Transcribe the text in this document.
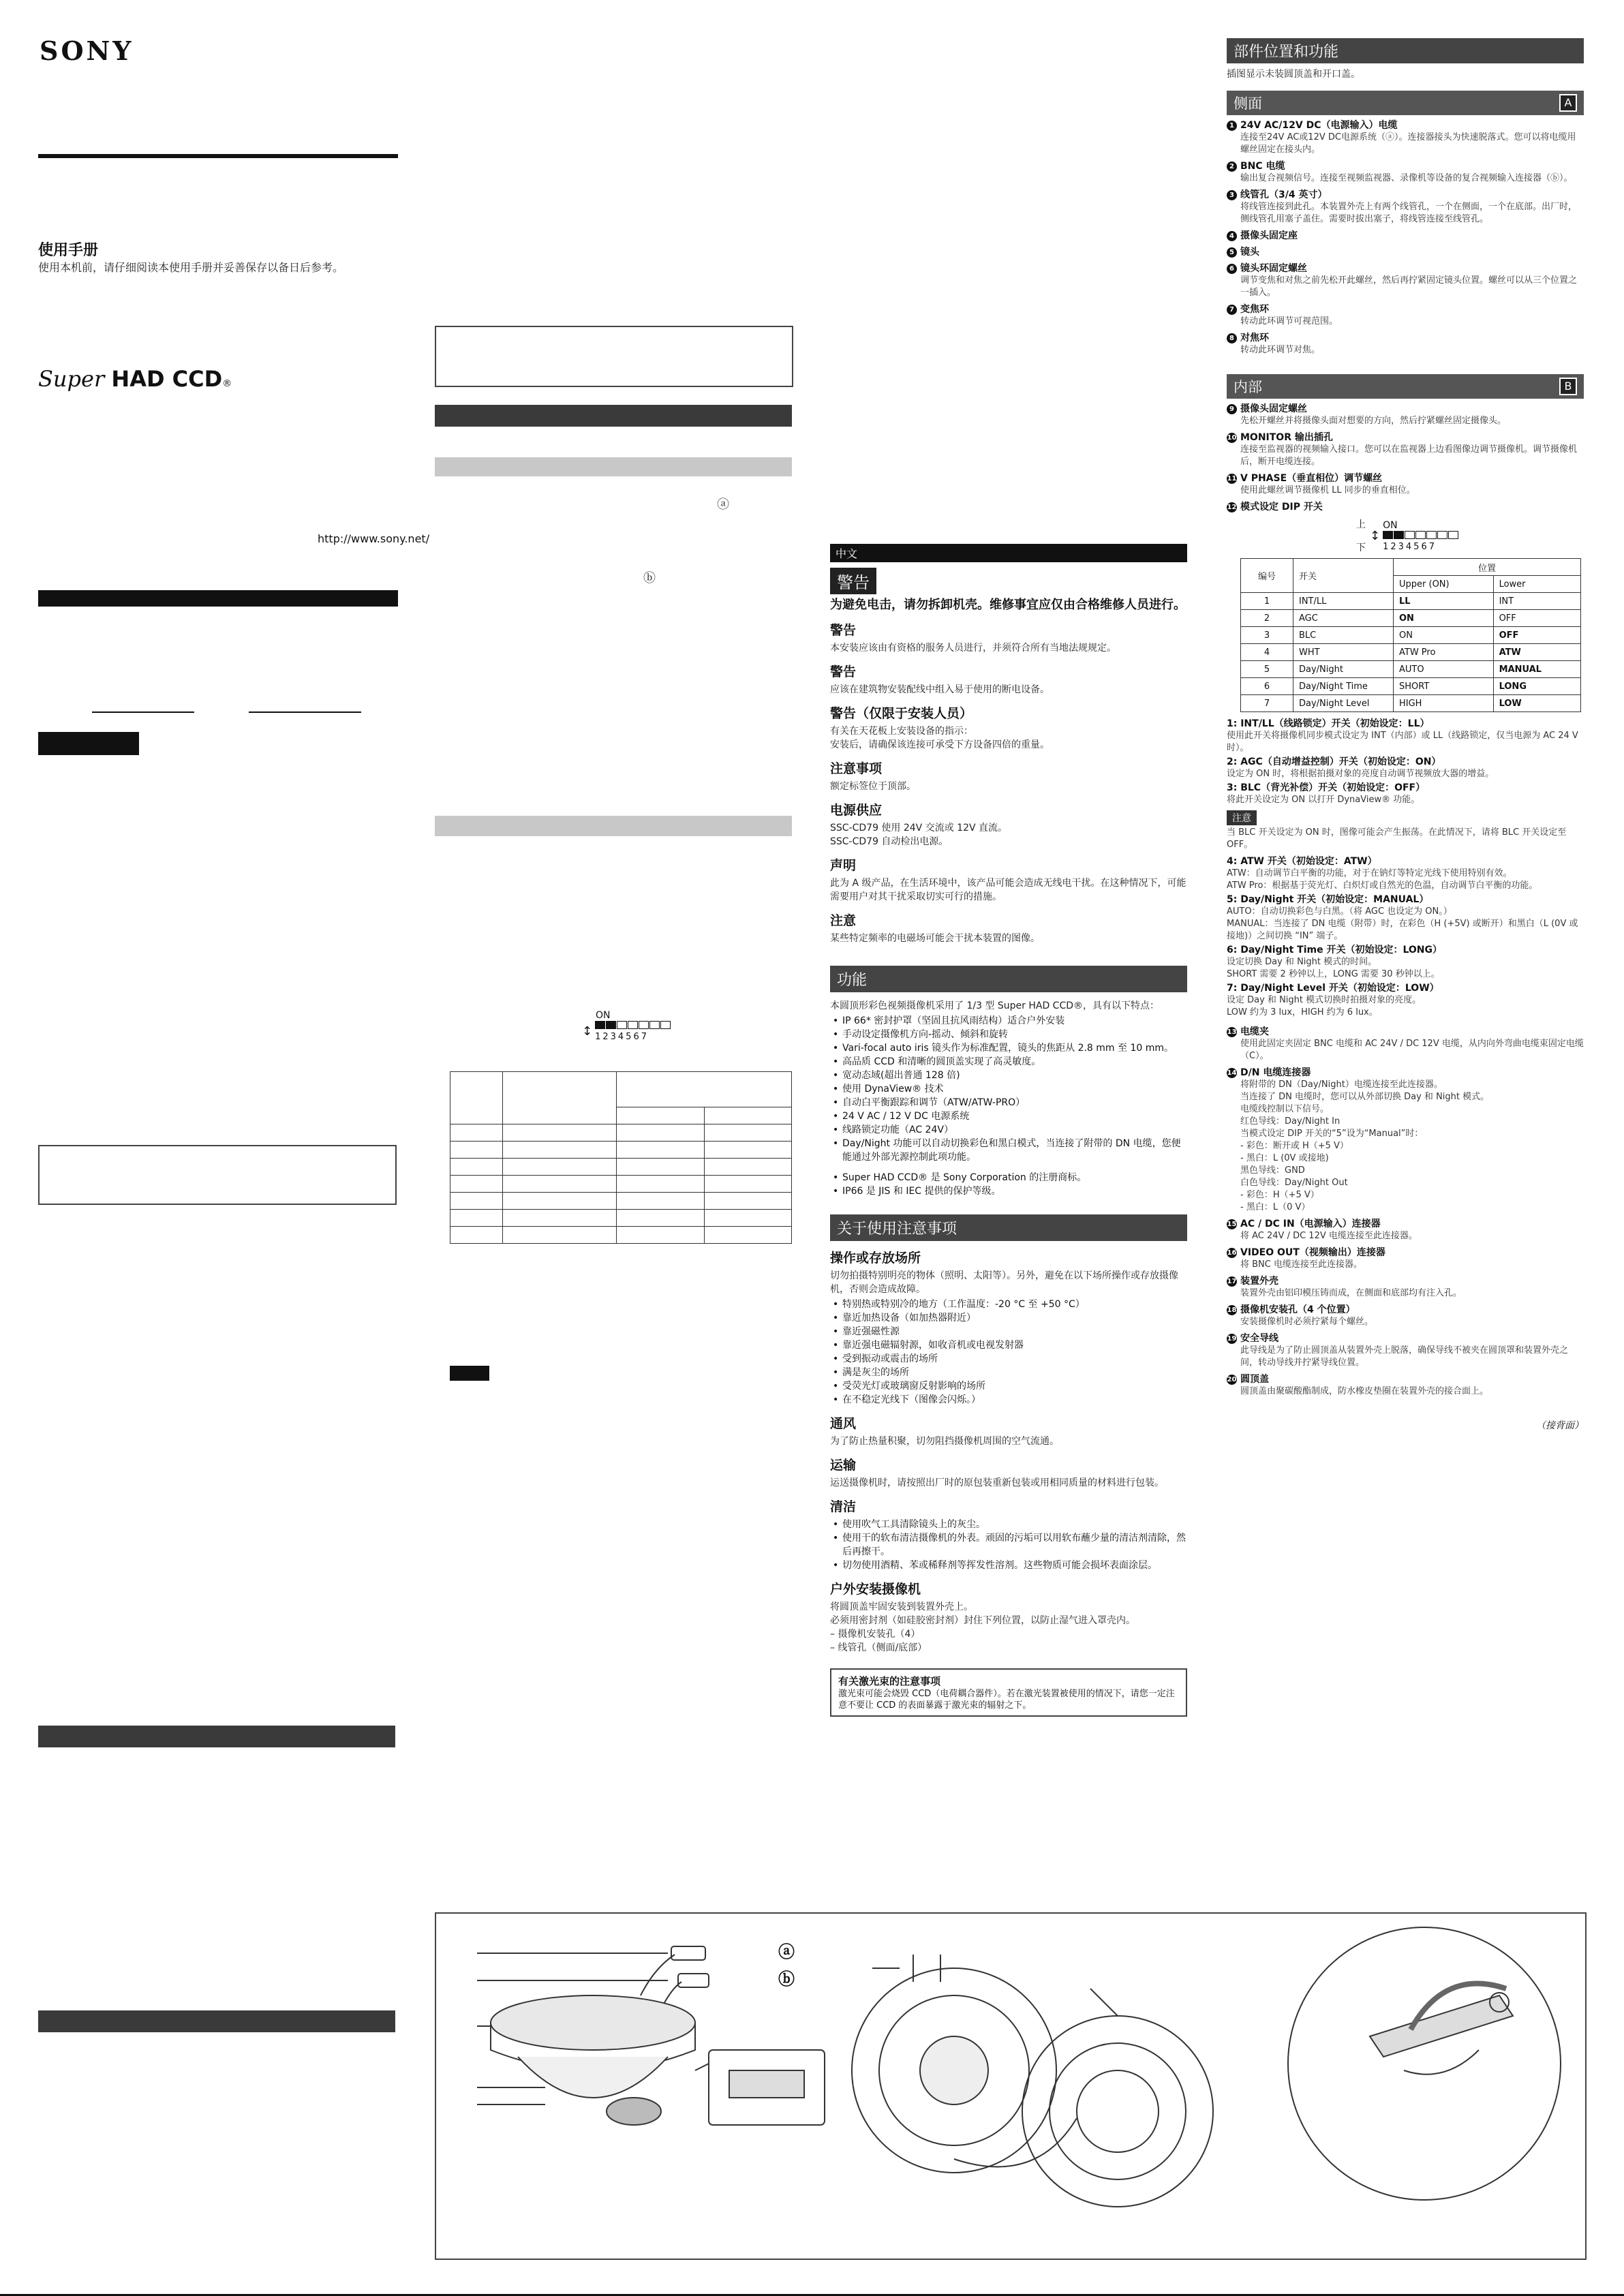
SONY
使用手册
使用本机前，请仔细阅读本使用手册并妥善保存以备日后参考。
Super HAD CCD®
http://www.sony.net/
ⓐ
ⓑ
ON
↕ 1234567

中文
警告
为避免电击，请勿拆卸机壳。维修事宜应仅由合格维修人员进行。
警告
本安装应该由有资格的服务人员进行，并须符合所有当地法规规定。
警告
应该在建筑物安装配线中组入易于使用的断电设备。
警告（仅限于安装人员）
有关在天花板上安装设备的指示：
安装后，请确保该连接可承受下方设备四倍的重量。
注意事项
额定标签位于顶部。
电源供应
SSC-CD79 使用 24V 交流或 12V 直流。
SSC-CD79 自动检出电源。
声明
此为 A 级产品，在生活环境中，该产品可能会造成无线电干扰。在这种情况下，可能需要用户对其干扰采取切实可行的措施。
注意
某些特定频率的电磁场可能会干扰本装置的图像。
功能
本圆顶形彩色视频摄像机采用了 1/3 型 Super HAD CCD®，具有以下特点：
• IP 66* 密封护罩（坚固且抗风雨结构）适合户外安装
• 手动设定摄像机方向-摇动、倾斜和旋转
• Vari-focal auto iris 镜头作为标准配置，镜头的焦距从 2.8 mm 至 10 mm。
• 高品质 CCD 和清晰的圆顶盖实现了高灵敏度。
• 宽动态域(超出普通 128 倍)
• 使用 DynaView® 技术
• 自动白平衡跟踪和调节（ATW/ATW-PRO）
• 24 V AC / 12 V DC 电源系统
• 线路锁定功能（AC 24V）
• Day/Night 功能可以自动切换彩色和黑白模式，当连接了附带的 DN 电缆，您便能通过外部光源控制此项功能。
• Super HAD CCD® 是 Sony Corporation 的注册商标。
• IP66 是 JIS 和 IEC 提供的保护等级。
关于使用注意事项
操作或存放场所
切勿拍摄特别明亮的物体（照明、太阳等）。另外，避免在以下场所操作或存放摄像机，否则会造成故障。
• 特别热或特别冷的地方（工作温度：-20 °C 至 +50 °C）
• 靠近加热设备（如加热器附近）
• 靠近强磁性源
• 靠近强电磁辐射源，如收音机或电视发射器
• 受到振动或震击的场所
• 满是灰尘的场所
• 受荧光灯或玻璃窗反射影响的场所
• 在不稳定光线下（图像会闪烁。）
通风
为了防止热量积聚，切勿阻挡摄像机周围的空气流通。
运输
运送摄像机时，请按照出厂时的原包装重新包装或用相同质量的材料进行包装。
清洁
• 使用吹气工具清除镜头上的灰尘。
• 使用干的软布清洁摄像机的外表。顽固的污垢可以用软布蘸少量的清洁剂清除，然后再擦干。
• 切勿使用酒精、苯或稀释剂等挥发性溶剂。这些物质可能会损坏表面涂层。
户外安装摄像机
将圆顶盖牢固安装到装置外壳上。
必须用密封剂（如硅胶密封剂）封住下列位置，以防止湿气进入罩壳内。
– 摄像机安装孔（4）
– 线管孔（侧面/底部）
有关激光束的注意事项
激光束可能会烧毁 CCD（电荷耦合器件）。若在激光装置被使用的情况下，请您一定注意不要让 CCD 的表面暴露于激光束的辐射之下。
部件位置和功能
插图显示未装圆顶盖和开口盖。
侧面	A
1 24V AC/12V DC（电源输入）电缆
连接至24V AC或12V DC电源系统（ⓐ）。连接器接头为快速脱落式。您可以将电缆用螺丝固定在接头内。
2 BNC 电缆
输出复合视频信号。连接至视频监视器、录像机等设备的复合视频输入连接器（ⓑ）。
3 线管孔（3/4 英寸）
将线管连接到此孔。本装置外壳上有两个线管孔，一个在侧面，一个在底部。出厂时，侧线管孔用塞子盖住。需要时拔出塞子，将线管连接至线管孔。
4 摄像头固定座
5 镜头
6 镜头环固定螺丝
调节变焦和对焦之前先松开此螺丝，然后再拧紧固定镜头位置。螺丝可以从三个位置之一插入。
7 变焦环
转动此环调节可视范围。
8 对焦环
转动此环调节对焦。
内部	B
9 摄像头固定螺丝
先松开螺丝并将摄像头面对想要的方向，然后拧紧螺丝固定摄像头。
10 MONITOR 输出插孔
连接至监视器的视频输入接口。您可以在监视器上边看图像边调节摄像机。调节摄像机后，断开电缆连接。
11 V PHASE（垂直相位）调节螺丝
使用此螺丝调节摄像机 LL 同步的垂直相位。
12 模式设定 DIP 开关
上
下
↕
ON
1234567
编号	开关	位置	
		Upper (ON)	Lower
1	INT/LL	LL	INT
2	AGC	ON	OFF
3	BLC	ON	OFF
4	WHT	ATW Pro	ATW
5	Day/Night	AUTO	MANUAL
6	Day/Night Time	SHORT	LONG
7	Day/Night Level	HIGH	LOW
1: INT/LL（线路锁定）开关（初始设定：LL）
使用此开关将摄像机同步模式设定为 INT（内部）或 LL（线路锁定，仅当电源为 AC 24 V 时）。
2: AGC（自动增益控制）开关（初始设定：ON）
设定为 ON 时，将根据拍摄对象的亮度自动调节视频放大器的增益。
3: BLC（背光补偿）开关（初始设定：OFF）
将此开关设定为 ON 以打开 DynaView® 功能。
注意
当 BLC 开关设定为 ON 时，图像可能会产生振荡。在此情况下，请将 BLC 开关设定至 OFF。
4: ATW 开关（初始设定：ATW）
ATW：自动调节白平衡的功能，对于在钠灯等特定光线下使用特别有效。
ATW Pro：根据基于荧光灯、白炽灯或自然光的色温，自动调节白平衡的功能。
5: Day/Night 开关（初始设定：MANUAL）
AUTO：自动切换彩色与白黑。（将 AGC 也设定为 ON。）
MANUAL：当连接了 DN 电缆（附带）时，在彩色（H (+5V) 或断开）和黑白（L (0V 或接地)）之间切换 “IN” 端子。
6: Day/Night Time 开关（初始设定：LONG）
设定切换 Day 和 Night 模式的时间。
SHORT 需要 2 秒钟以上，LONG 需要 30 秒钟以上。
7: Day/Night Level 开关（初始设定：LOW）
设定 Day 和 Night 模式切换时拍摄对象的亮度。
LOW 约为 3 lux，HIGH 约为 6 lux。
13 电缆夹
使用此固定夹固定 BNC 电缆和 AC 24V / DC 12V 电缆，从内向外弯曲电缆束固定电缆（C）。
14 D/N 电缆连接器
将附带的 DN（Day/Night）电缆连接至此连接器。
当连接了 DN 电缆时，您可以从外部切换 Day 和 Night 模式。
电缆线控制以下信号。
红色导线：Day/Night In
当模式设定 DIP 开关的“5”设为“Manual”时：
- 彩色：断开或 H（+5 V）
- 黑白：L (0V 或接地)
黑色导线：GND
白色导线：Day/Night Out
- 彩色：H（+5 V）
- 黑白：L（0 V）
15 AC / DC IN（电源输入）连接器
将 AC 24V / DC 12V 电缆连接至此连接器。
16 VIDEO OUT（视频输出）连接器
将 BNC 电缆连接至此连接器。
17 装置外壳
装置外壳由铝印模压铸而成，在侧面和底部均有注入孔。
18 摄像机安装孔（4 个位置）
安装摄像机时必须拧紧每个螺丝。
19 安全导线
此导线是为了防止圆顶盖从装置外壳上脱落，确保导线不被夹在圆顶罩和装置外壳之间，转动导线并拧紧导线位置。
20 圆顶盖
圆顶盖由聚碳酸酯制成，防水橡皮垫圈在装置外壳的接合面上。
（接背面）
ⓐ
ⓑ
